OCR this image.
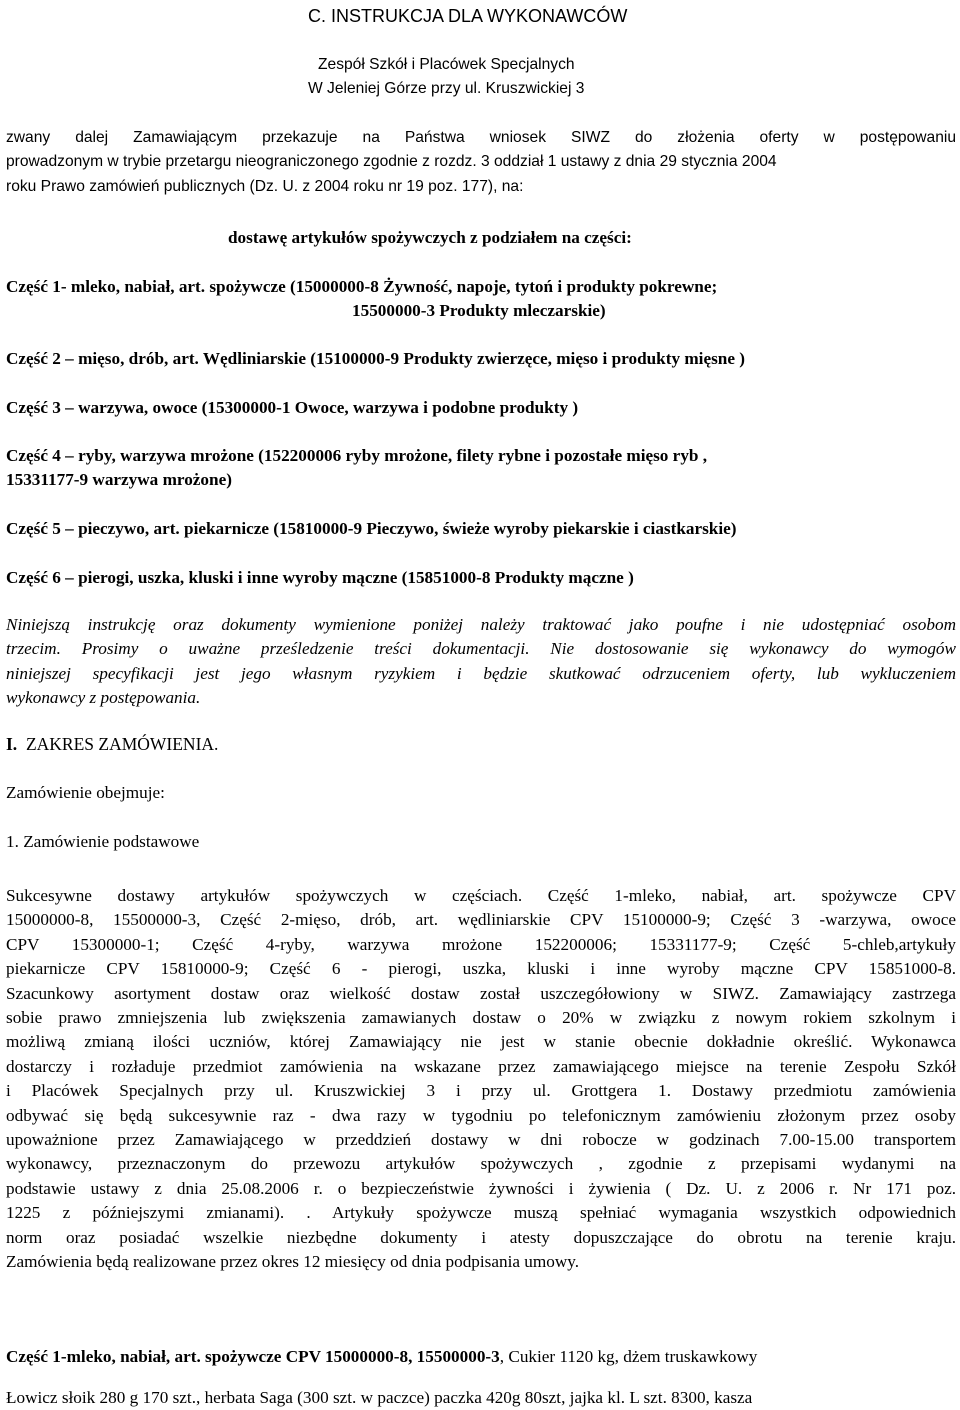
C. INSTRUKCJA DLA WYKONAWCÓW
Zespół Szkół i Placówek Specjalnych
W Jeleniej Górze przy ul. Kruszwickiej 3
zwany dalej Zamawiającym przekazuje na Państwa wniosek SIWZ do złożenia oferty w postępowaniu
prowadzonym w trybie przetargu nieograniczonego zgodnie z rozdz. 3 oddział 1 ustawy z dnia 29 stycznia 2004
roku Prawo zamówień publicznych (Dz. U. z 2004 roku nr 19 poz. 177), na:
dostawę artykułów spożywczych z podziałem na części:
Część 1- mleko, nabiał, art. spożywcze (15000000-8 Żywność, napoje, tytoń i produkty pokrewne;
15500000-3 Produkty mleczarskie)
Część 2 – mięso, drób, art. Wędliniarskie (15100000-9 Produkty zwierzęce, mięso i produkty mięsne )
Część 3 – warzywa, owoce (15300000-1 Owoce, warzywa i podobne produkty )
Część 4 – ryby, warzywa mrożone (152200006 ryby mrożone, filety rybne i pozostałe mięso ryb ,
15331177-9 warzywa mrożone)
Część 5 – pieczywo, art. piekarnicze (15810000-9 Pieczywo, świeże wyroby piekarskie i ciastkarskie)
Część 6 – pierogi, uszka, kluski i inne wyroby mączne (15851000-8 Produkty mączne )
Niniejszą instrukcję oraz dokumenty wymienione poniżej należy traktować jako poufne i nie udostępniać osobom
trzecim. Prosimy o uważne prześledzenie treści dokumentacji. Nie dostosowanie się wykonawcy do wymogów
niniejszej specyfikacji jest jego własnym ryzykiem i będzie skutkować odrzuceniem oferty, lub wykluczeniem
wykonawcy z postępowania.
I. ZAKRES ZAMÓWIENIA.
Zamówienie obejmuje:
1. Zamówienie podstawowe
Sukcesywne dostawy artykułów spożywczych w częściach. Część 1-mleko, nabiał, art. spożywcze CPV
15000000-8, 15500000-3, Część 2-mięso, drób, art. wędliniarskie CPV 15100000-9; Część 3 -warzywa, owoce
CPV 15300000-1; Część 4-ryby, warzywa mrożone 152200006; 15331177-9; Część 5-chleb,artykuły
piekarnicze CPV 15810000-9; Część 6 - pierogi, uszka, kluski i inne wyroby mączne CPV 15851000-8.
Szacunkowy asortyment dostaw oraz wielkość dostaw został uszczegółowiony w SIWZ. Zamawiający zastrzega
sobie prawo zmniejszenia lub zwiększenia zamawianych dostaw o 20% w związku z nowym rokiem szkolnym i
możliwą zmianą ilości uczniów, której Zamawiający nie jest w stanie obecnie dokładnie określić. Wykonawca
dostarczy i rozładuje przedmiot zamówienia na wskazane przez zamawiającego miejsce na terenie Zespołu Szkół
i Placówek Specjalnych przy ul. Kruszwickiej 3 i przy ul. Grottgera 1. Dostawy przedmiotu zamówienia
odbywać się będą sukcesywnie raz - dwa razy w tygodniu po telefonicznym zamówieniu złożonym przez osoby
upoważnione przez Zamawiającego w przeddzień dostawy w dni robocze w godzinach 7.00-15.00 transportem
wykonawcy, przeznaczonym do przewozu artykułów spożywczych , zgodnie z przepisami wydanymi na
podstawie ustawy z dnia 25.08.2006 r. o bezpieczeństwie żywności i żywienia ( Dz. U. z 2006 r. Nr 171 poz.
1225 z późniejszymi zmianami). . Artykuły spożywcze muszą spełniać wymagania wszystkich odpowiednich
norm oraz posiadać wszelkie niezbędne dokumenty i atesty dopuszczające do obrotu na terenie kraju.
Zamówienia będą realizowane przez okres 12 miesięcy od dnia podpisania umowy.
Część 1-mleko, nabiał, art. spożywcze CPV 15000000-8, 15500000-3, Cukier 1120 kg, dżem truskawkowy
Łowicz słoik 280 g 170 szt., herbata Saga (300 szt. w paczce) paczka 420g 80szt, jajka kl. L szt. 8300, kasza
